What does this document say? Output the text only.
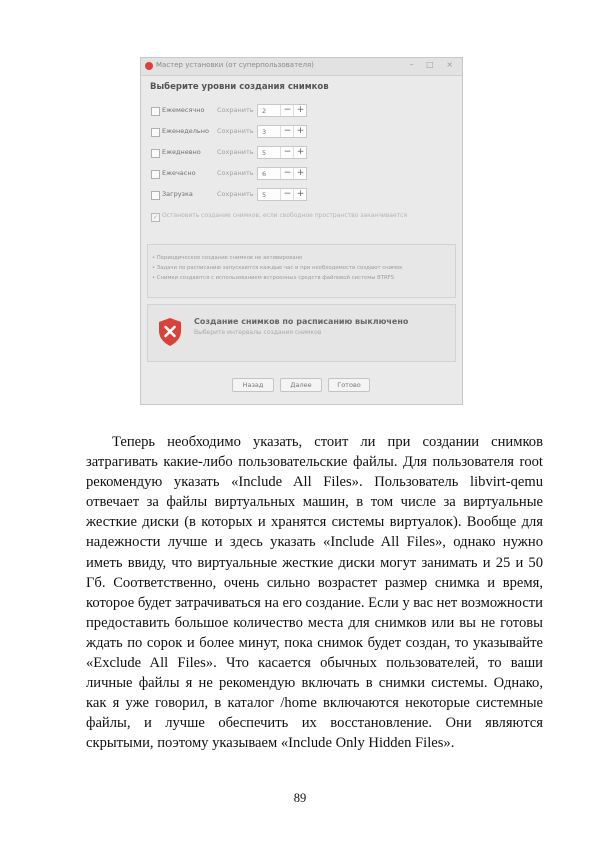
Мастер установки (от суперпользователя)	– □ ×
Выберите уровни создания снимков
Ежемесячно Сохранить 2	− +
Еженедельно Сохранить 3	− +
Ежедневно Сохранить 5	− +
Ежечасно	Сохранить 6	− +
Загрузка	Сохранить 5	− +
✓ Остановить создание снимков, если свободное пространство заканчивается
• Периодическое создание снимков не активировано
• Задачи по расписанию запускаются каждые час и при необходимости создают снимок
• Снимки создаются с использованием встроенных средств файловой системы BTRFS
Создание снимков по расписанию выключено
Выберите интервалы создания снимков
Назад	Далее	Готово

Теперь необходимо указать, стоит ли при создании снимков затрагивать какие-либо пользовательские файлы. Для пользователя root рекомендую указать «Include All Files». Пользователь libvirt-qemu отвечает за файлы виртуальных машин, в том числе за виртуальные жесткие диски (в которых и хранятся системы виртуалок). Вообще для надежности лучше и здесь указать «Include All Files», однако нужно иметь ввиду, что виртуальные жесткие диски могут занимать и 25 и 50 Гб. Соответственно, очень сильно возрастет размер снимка и время, которое будет затрачиваться на его создание. Если у вас нет возможности предоставить большое количество места для снимков или вы не готовы ждать по сорок и более минут, пока снимок будет создан, то указывайте «Exclude All Files». Что касается обычных пользователей, то ваши личные файлы я не рекомендую включать в снимки системы. Однако, как я уже говорил, в каталог /home включаются некоторые системные файлы, и лучше обеспечить их восстановление. Они являются скрытыми, поэтому указываем «Include Only Hidden Files».

89
